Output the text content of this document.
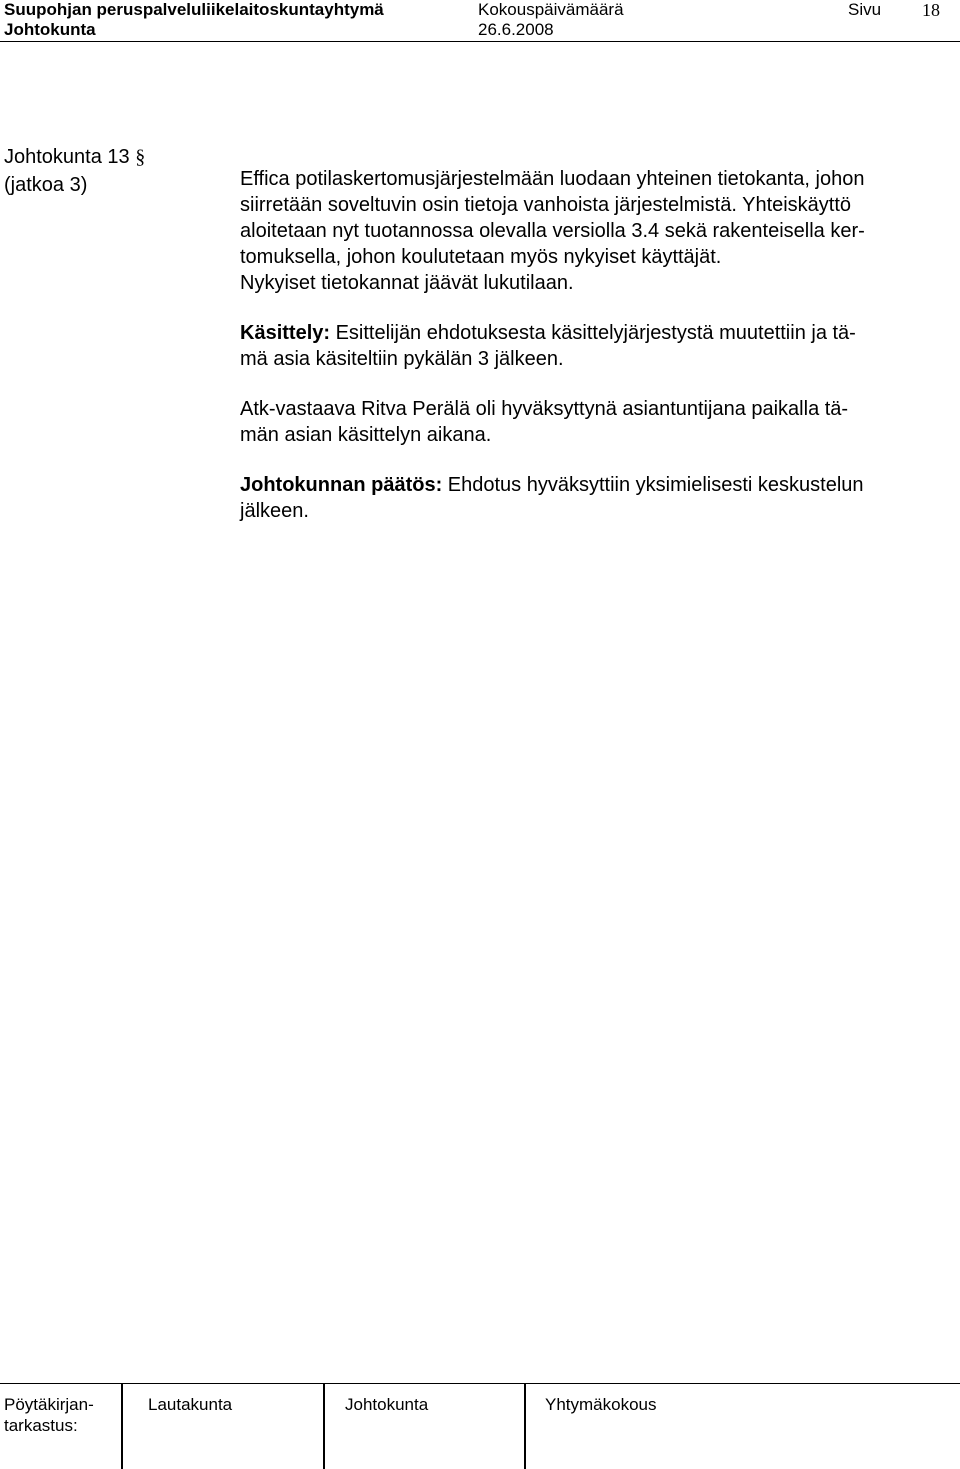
Suupohjan peruspalveluliikelaitoskuntayhtymä
Johtokunta
Kokouspäivämäärä
26.6.2008
Sivu 18
Johtokunta 13 §
(jatkoa 3)	Effica potilaskertomusjärjestelmään luodaan yhteinen tietokanta, johon
siirretään soveltuvin osin tietoja vanhoista järjestelmistä. Yhteiskäyttö
aloitetaan nyt tuotannossa olevalla versiolla 3.4 sekä rakenteisella ker-
tomuksella, johon koulutetaan myös nykyiset käyttäjät.

Nykyiset tietokannat jäävät lukutilaan.

Käsittely: Esittelijän ehdotuksesta käsittelyjärjestystä muutettiin ja tä-
mä asia käsiteltiin pykälän 3 jälkeen.

Atk-vastaava Ritva Perälä oli hyväksyttynä asiantuntijana paikalla tä-
män asian käsittelyn aikana.

Johtokunnan päätös: Ehdotus hyväksyttiin yksimielisesti keskustelun
jälkeen.

Pöytäkirjan-
tarkastus:
Lautakunta	Johtokunta	Yhtymäkokous
